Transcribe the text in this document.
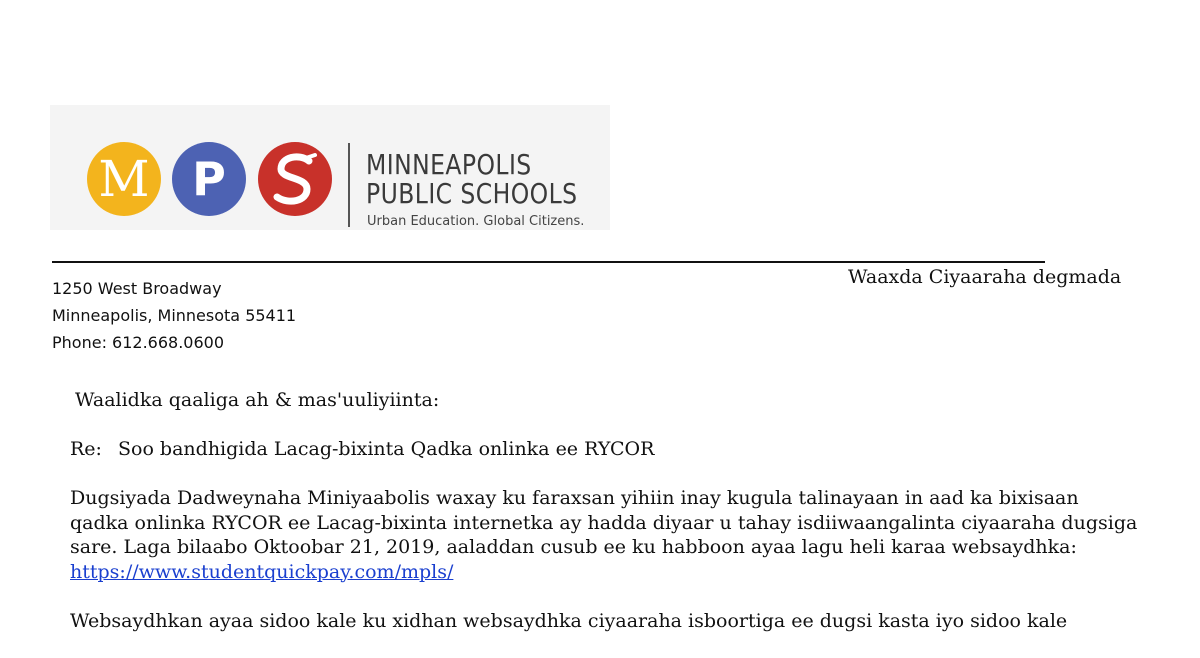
M P	MINNEAPOLIS
PUBLIC SCHOOLS
Urban Education. Global Citizens.
1250 West Broadway
Minneapolis, Minnesota 55411
Phone: 612.668.0600
Waaxda Ciyaaraha degmada
Waalidka qaaliga ah & mas'uuliyiinta:
Re: Soo bandhigida Lacag-bixinta Qadka onlinka ee RYCOR
Dugsiyada Dadweynaha Miniyaabolis waxay ku faraxsan yihiin inay kugula talinayaan in aad ka bixisaan
qadka onlinka RYCOR ee Lacag-bixinta internetka ay hadda diyaar u tahay isdiiwaangalinta ciyaaraha dugsiga
sare. Laga bilaabo Oktoobar 21, 2019, aaladdan cusub ee ku habboon ayaa lagu heli karaa websaydhka:
https://www.studentquickpay.com/mpls/
Websaydhkan ayaa sidoo kale ku xidhan websaydhka ciyaaraha isboortiga ee dugsi kasta iyo sidoo kale
